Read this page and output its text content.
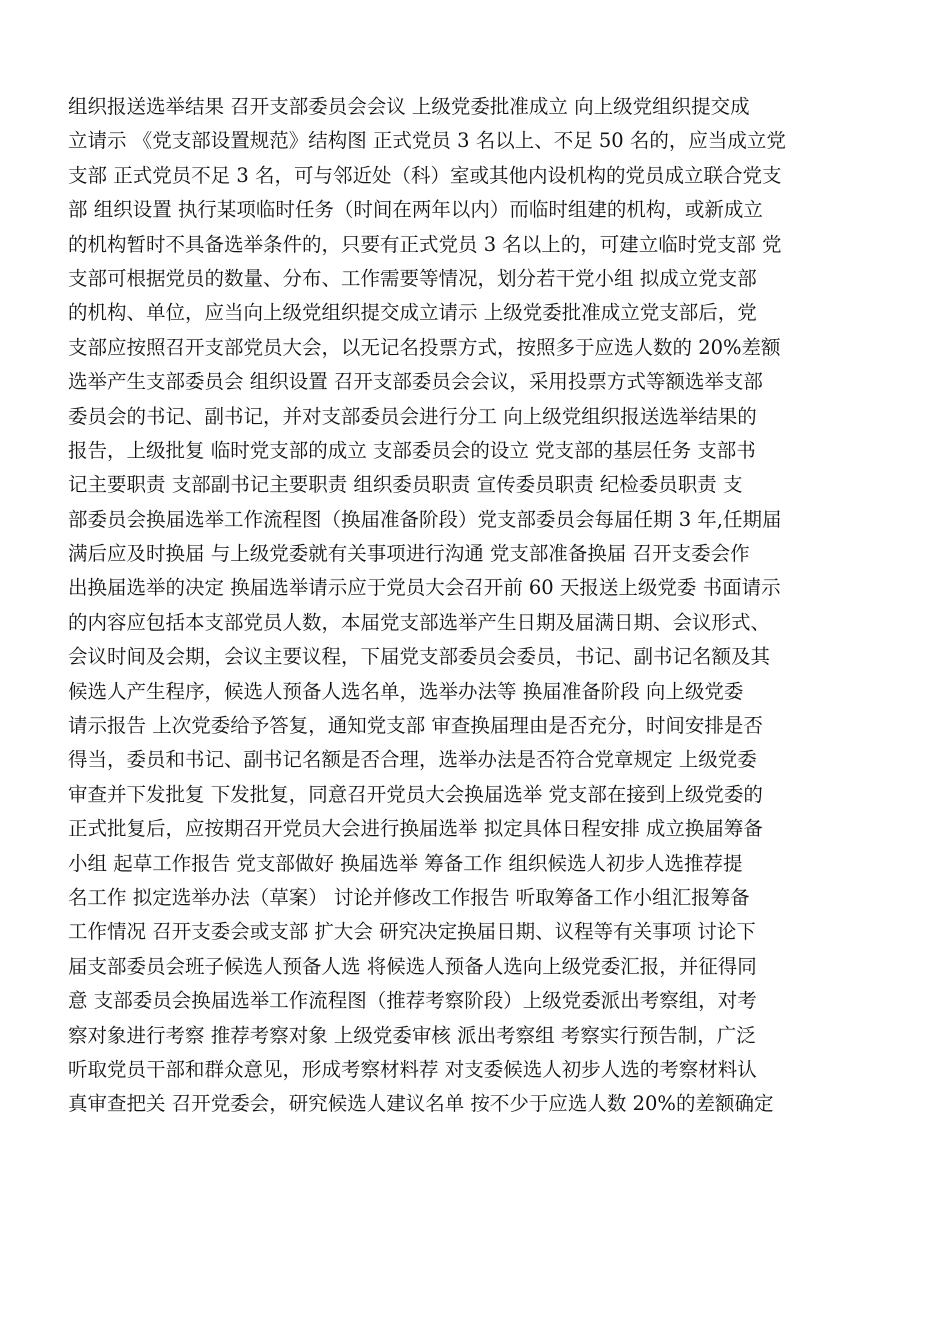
组织报送选举结果 召开支部委员会会议 上级党委批准成立 向上级党组织提交成
立请示 《党支部设置规范》结构图 正式党员 3 名以上、不足 50 名的，应当成立党
支部 正式党员不足 3 名，可与邻近处（科）室或其他内设机构的党员成立联合党支
部 组织设置 执行某项临时任务（时间在两年以内）而临时组建的机构，或新成立
的机构暂时不具备选举条件的，只要有正式党员 3 名以上的，可建立临时党支部 党
支部可根据党员的数量、分布、工作需要等情况，划分若干党小组 拟成立党支部
的机构、单位，应当向上级党组织提交成立请示 上级党委批准成立党支部后，党
支部应按照召开支部党员大会，以无记名投票方式，按照多于应选人数的 20%差额
选举产生支部委员会 组织设置 召开支部委员会会议，采用投票方式等额选举支部
委员会的书记、副书记，并对支部委员会进行分工 向上级党组织报送选举结果的
报告，上级批复 临时党支部的成立 支部委员会的设立 党支部的基层任务 支部书
记主要职责 支部副书记主要职责 组织委员职责 宣传委员职责 纪检委员职责 支
部委员会换届选举工作流程图（换届准备阶段）党支部委员会每届任期 3 年,任期届
满后应及时换届 与上级党委就有关事项进行沟通 党支部准备换届 召开支委会作
出换届选举的决定 换届选举请示应于党员大会召开前 60 天报送上级党委 书面请示
的内容应包括本支部党员人数，本届党支部选举产生日期及届满日期、会议形式、
会议时间及会期，会议主要议程，下届党支部委员会委员，书记、副书记名额及其
候选人产生程序，候选人预备人选名单，选举办法等 换届准备阶段 向上级党委
请示报告 上次党委给予答复，通知党支部 审查换届理由是否充分，时间安排是否
得当，委员和书记、副书记名额是否合理，选举办法是否符合党章规定 上级党委
审查并下发批复 下发批复，同意召开党员大会换届选举 党支部在接到上级党委的
正式批复后，应按期召开党员大会进行换届选举 拟定具体日程安排 成立换届筹备
小组 起草工作报告 党支部做好 换届选举 筹备工作 组织候选人初步人选推荐提
名工作 拟定选举办法（草案） 讨论并修改工作报告 听取筹备工作小组汇报筹备
工作情况 召开支委会或支部 扩大会 研究决定换届日期、议程等有关事项 讨论下
届支部委员会班子候选人预备人选 将候选人预备人选向上级党委汇报，并征得同
意 支部委员会换届选举工作流程图（推荐考察阶段）上级党委派出考察组，对考
察对象进行考察 推荐考察对象 上级党委审核 派出考察组 考察实行预告制，广泛
听取党员干部和群众意见，形成考察材料荐 对支委候选人初步人选的考察材料认
真审查把关 召开党委会，研究候选人建议名单 按不少于应选人数 20%的差额确定
